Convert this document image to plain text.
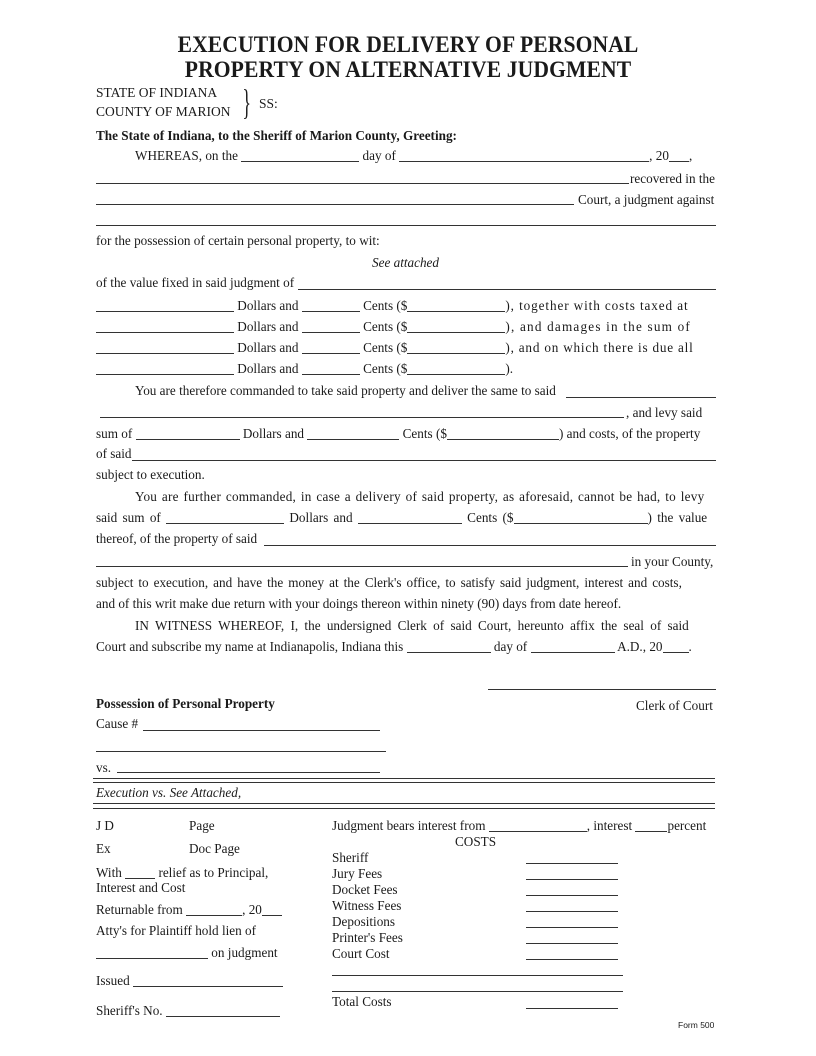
EXECUTION FOR DELIVERY OF PERSONAL
PROPERTY ON ALTERNATIVE JUDGMENT
STATE OF INDIANA
COUNTY OF MARION } SS:
The State of Indiana, to the Sheriff of Marion County, Greeting:
WHEREAS, on the	day of	, 20 ,
recovered in the
Court, a judgment against
for the possession of certain personal property, to wit:
See attached
of the value fixed in said judgment of
Dollars and	Cents ($	), together with costs taxed at
Dollars and	Cents ($	), and damages in the sum of
Dollars and	Cents ($	), and on which there is due all
Dollars and	Cents ($	).
You are therefore commanded to take said property and deliver the same to said
, and levy said
sum of	Dollars and	Cents ($	) and costs, of the property
of said
subject to execution.
You are further commanded, in case a delivery of said property, as aforesaid, cannot be had, to levy
said sum of	Dollars and	Cents ($	) the value
thereof, of the property of said
in your County,
subject to execution, and have the money at the Clerk's office, to satisfy said judgment, interest and costs,
and of this writ make due return with your doings thereon within ninety (90) days from date hereof.
IN WITNESS WHEREOF, I, the undersigned Clerk of said Court, hereunto affix the seal of said
Court and subscribe my name at Indianapolis, Indiana this	day of	A.D., 20 .
Clerk of Court
Possession of Personal Property
Cause #
vs.
Execution vs. See Attached,
J D	Page
Ex	Doc Page
With	relief as to Principal,
Interest and Cost
Returnable from	, 20
Atty's for Plaintiff hold lien of
on judgment
Issued
Sheriff's No.
Judgment bears interest from	, interest	percent
COSTS
Sheriff
Jury Fees
Docket Fees
Witness Fees
Depositions
Printer's Fees
Court Cost
Total Costs
Form 500
